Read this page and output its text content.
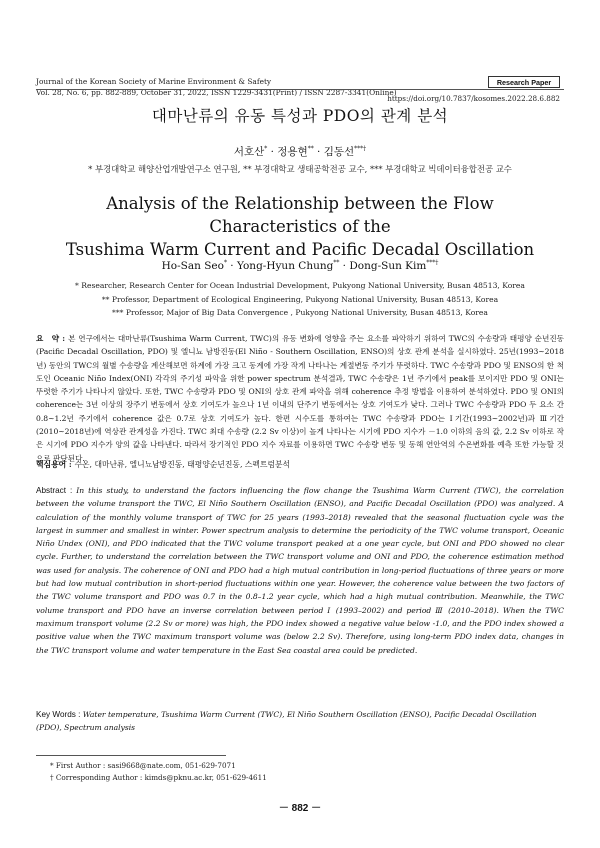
Journal of the Korean Society of Marine Environment & Safety
Vol. 28, No. 6, pp. 882-889, October 31, 2022, ISSN 1229-3431(Print) / ISSN 2287-3341(Online)
Research Paper
https://doi.org/10.7837/kosomes.2022.28.6.882
대마난류의 유동 특성과 PDO의 관계 분석
서호산* · 정용현** · 김동선***†
* 부경대학교 해양산업개발연구소 연구원, ** 부경대학교 생태공학전공 교수, *** 부경대학교 빅데이터융합전공 교수
Analysis of the Relationship between the Flow Characteristics of the
Tsushima Warm Current and Pacific Decadal Oscillation
Ho-San Seo* · Yong-Hyun Chung** · Dong-Sun Kim***†
* Researcher, Research Center for Ocean Industrial Development, Pukyong National University, Busan 48513, Korea
** Professor, Department of Ecological Engineering, Pukyong National University, Busan 48513, Korea
*** Professor, Major of Big Data Convergence , Pukyong National University, Busan 48513, Korea
요　약 : 본 연구에서는 대마난류(Tsushima Warm Current, TWC)의 유동 변화에 영향을 주는 요소를 파악하기 위하여 TWC의 수송량과 태평양 순년진동(Pacific Decadal Oscillation, PDO) 및 엘니뇨 남방진동(El Niño - Southern Oscillation, ENSO)의 상호 관계 분석을 실시하였다. 25년(1993~2018년) 동안의 TWC의 월별 수송량을 계산해보면 하계에 가장 크고 동계에 가장 작게 나타나는 계절변동 주기가 뚜렷하다. TWC 수송량과 PDO 및 ENSO의 한 척도인 Oceanic Niño Index(ONI) 각각의 주기성 파악을 위한 power spectrum 분석결과, TWC 수송량은 1년 주기에서 peak를 보이지만 PDO 및 ONI는 뚜렷한 주기가 나타나지 않았다. 또한, TWC 수송량과 PDO 및 ONI의 상호 관계 파악을 위해 coherence 추정 방법을 이용하여 분석하였다. PDO 및 ONI의 coherence는 3년 이상의 장주기 변동에서 상호 기여도가 높으나 1년 이내의 단주기 변동에서는 상호 기여도가 낮다. 그러나 TWC 수송량과 PDO 두 요소 간 0.8~1.2년 주기에서 coherence 값은 0.7로 상호 기여도가 높다. 한편 시수도를 통하여는 TWC 수송량과 PDO는 Ⅰ기간(1993~2002년)과 Ⅲ기간(2010~2018년)에 역상관 관계성을 가진다. TWC 최대 수송량 (2.2 Sv 이상)이 높게 나타나는 시기에 PDO 지수가 －1.0 이하의 음의 값, 2.2 Sv 이하로 작은 시기에 PDO 지수가 양의 값을 나타낸다. 따라서 장기적인 PDO 지수 자료를 이용하면 TWC 수송량 변동 및 동해 연안역의 수온변화를 예측 또한 가능할 것으로 판단된다.
핵심용어 : 수온, 대마난류, 엘니뇨남방진동, 태평양순년진동, 스펙트럼분석
Abstract : In this study, to understand the factors influencing the flow change the Tsushima Warm Current (TWC), the correlation between the volume transport the TWC, El Niño Southern Oscillation (ENSO), and Pacific Decadal Oscillation (PDO) was analyzed. A calculation of the monthly volume transport of TWC for 25 years (1993–2018) revealed that the seasonal fluctuation cycle was the largest in summer and smallest in winter. Power spectrum analysis to determine the periodicity of the TWC volume transport, Oceanic Niño Undex (ONI), and PDO indicated that the TWC volume transport peaked at a one year cycle, but ONI and PDO showed no clear cycle. Further, to understand the correlation between the TWC transport volume and ONI and PDO, the coherence estimation method was used for analysis. The coherence of ONI and PDO had a high mutual contribution in long-period fluctuations of three years or more but had low mutual contribution in short-period fluctuations within one year. However, the coherence value between the two factors of the TWC volume transport and PDO was 0.7 in the 0.8–1.2 year cycle, which had a high mutual contribution. Meanwhile, the TWC volume transport and PDO have an inverse correlation between period Ⅰ (1993–2002) and period Ⅲ (2010–2018). When the TWC maximum transport volume (2.2 Sv or more) was high, the PDO index showed a negative value below -1.0, and the PDO index showed a positive value when the TWC maximum transport volume was (below 2.2 Sv). Therefore, using long-term PDO index data, changes in the TWC transport volume and water temperature in the East Sea coastal area could be predicted.
Key Words : Water temperature, Tsushima Warm Current (TWC), El Niño Southern Oscillation (ENSO), Pacific Decadal Oscillation (PDO), Spectrum analysis
* First Author : sasi9668@nate.com, 051-629-7071
† Corresponding Author : kimds@pknu.ac.kr, 051-629-4611
－ 882 －
